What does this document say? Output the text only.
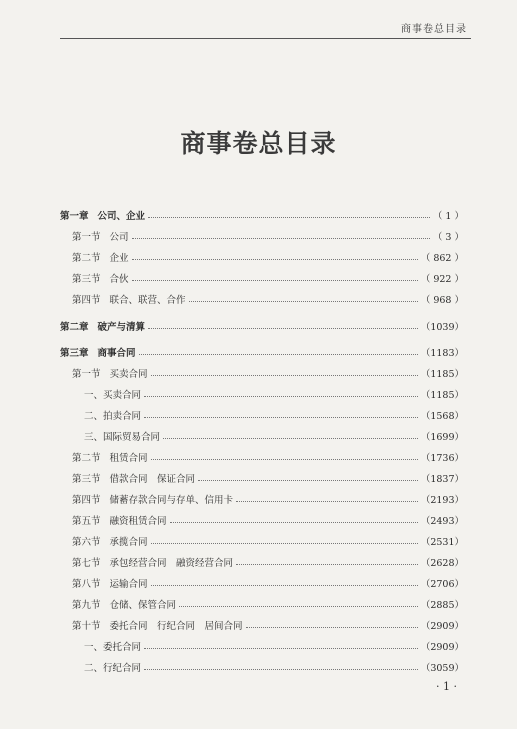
商事卷总目录
商事卷总目录
第一章 公司、企业	（ 1 ）
第一节 公司	（ 3 ）
第二节 企业	（ 862 ）
第三节 合伙	（ 922 ）
第四节 联合、联营、合作	（ 968 ）
第二章 破产与清算	（1039）
第三章 商事合同	（1183）
第一节 买卖合同	（1185）
一、买卖合同	（1185）
二、拍卖合同	（1568）
三、国际贸易合同	（1699）
第二节 租赁合同	（1736）
第三节 借款合同　保证合同	（1837）
第四节 储蓄存款合同与存单、信用卡	（2193）
第五节 融资租赁合同	（2493）
第六节 承揽合同	（2531）
第七节 承包经营合同　融资经营合同	（2628）
第八节 运输合同	（2706）
第九节 仓储、保管合同	（2885）
第十节 委托合同　行纪合同　居间合同	（2909）
一、委托合同	（2909）
二、行纪合同	（3059）
· 1 ·
